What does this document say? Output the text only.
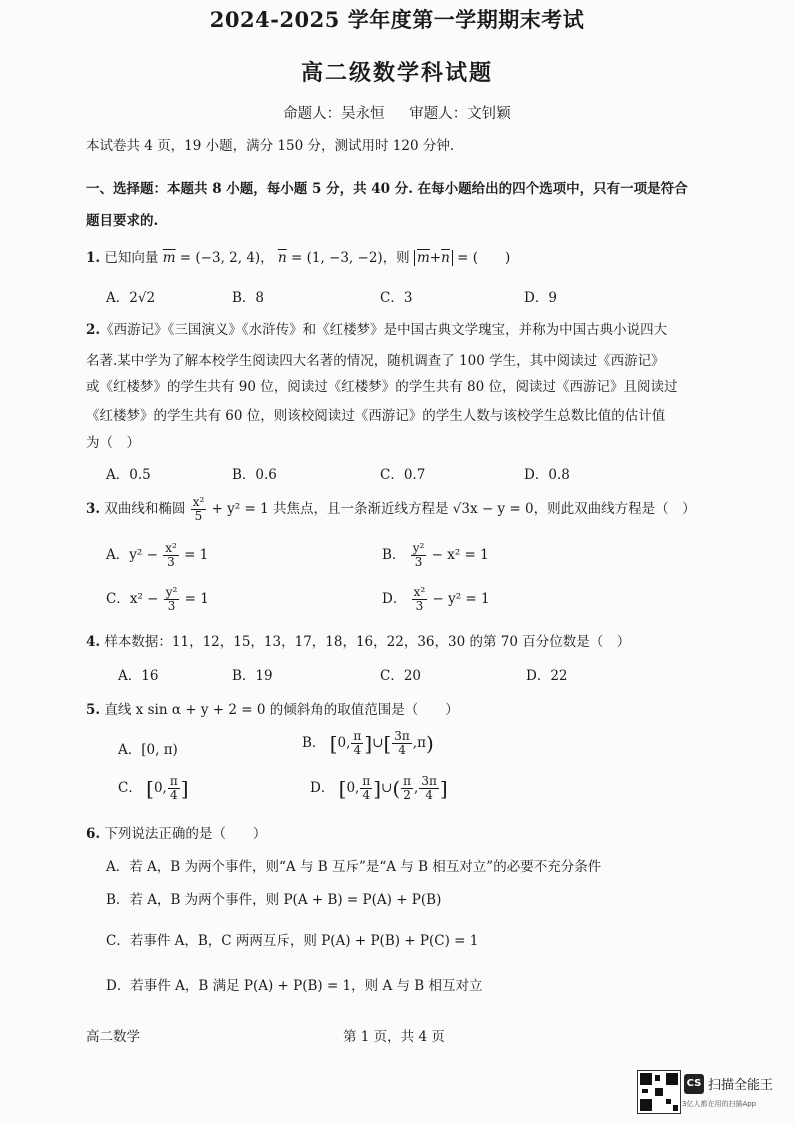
2024-2025 学年度第一学期期末考试
高二级数学科试题
命题人：吴永恒 审题人：文钊颖
本试卷共 4 页，19 小题，满分 150 分，测试用时 120 分钟.
一、选择题：本题共 8 小题，每小题 5 分，共 40 分. 在每小题给出的四个选项中，只有一项是符合
题目要求的.
1. 已知向量 $\overline{m} = (-3$, 2, 4)， $\overline{n} = (1$, −3, −2)，则 $\overline{m}+\overline{n}$ = (　　)
A．2√2	B．8	C．3	D．9
2.《西游记》《三国演义》《水浒传》和《红楼梦》是中国古典文学瑰宝，并称为中国古典小说四大
名著.某中学为了解本校学生阅读四大名著的情况，随机调查了 100 学生，其中阅读过《西游记》
或《红楼梦》的学生共有 90 位，阅读过《红楼梦》的学生共有 80 位，阅读过《西游记》且阅读过
《红楼梦》的学生共有 60 位，则该校阅读过《西游记》的学生人数与该校学生总数比值的估计值
为（　）
A．0.5	B．0.6	C．0.7	D．0.8
3. 双曲线和椭圆 $\frac{\text{x²}}{5} + y^2 = 1$ 共焦点，且一条渐近线方程是 √3x − y = 0，则此双曲线方程是（　）
A．$y^2 - \frac{\text{x²}}{3} = 1$	B． $\frac{\text{y²}}{3} - x^2 = 1$
C．$x^2 - \frac{\text{y²}}{3} = 1$	D． $\frac{\text{x²}}{3} - y^2 = 1$
4. 样本数据：11，12，15，13，17，18，16，22，36，30 的第 70 百分位数是（　）
A．16	B．19	C．20	D．22
5. 直线 x sin α + y + 2 = 0 的倾斜角的取值范围是（　　）
A．[0, π)	B． [0, $\frac{\pi}{4}$ ]∪[ $\frac{3\pi}{4} ,\pi$)
C． [0, $\frac{\pi}{4}$ ]	D． [0, $\frac{\pi}{4}$ ]∪( $\frac{\pi}{2}$ , $\frac{3\pi}{4}$ ]
6. 下列说法正确的是（　　）
A．若 A，B 为两个事件，则“A 与 B 互斥”是“A 与 B 相互对立”的必要不充分条件
B．若 A，B 为两个事件，则 P(A + B) = P(A) + P(B)
C．若事件 A，B，C 两两互斥，则 P(A) + P(B) + P(C) = 1
D．若事件 A，B 满足 P(A) + P(B) = 1，则 A 与 B 相互对立
高二数学	第 1 页，共 4 页
CS 扫描全能王
3亿人都在用的扫描App
